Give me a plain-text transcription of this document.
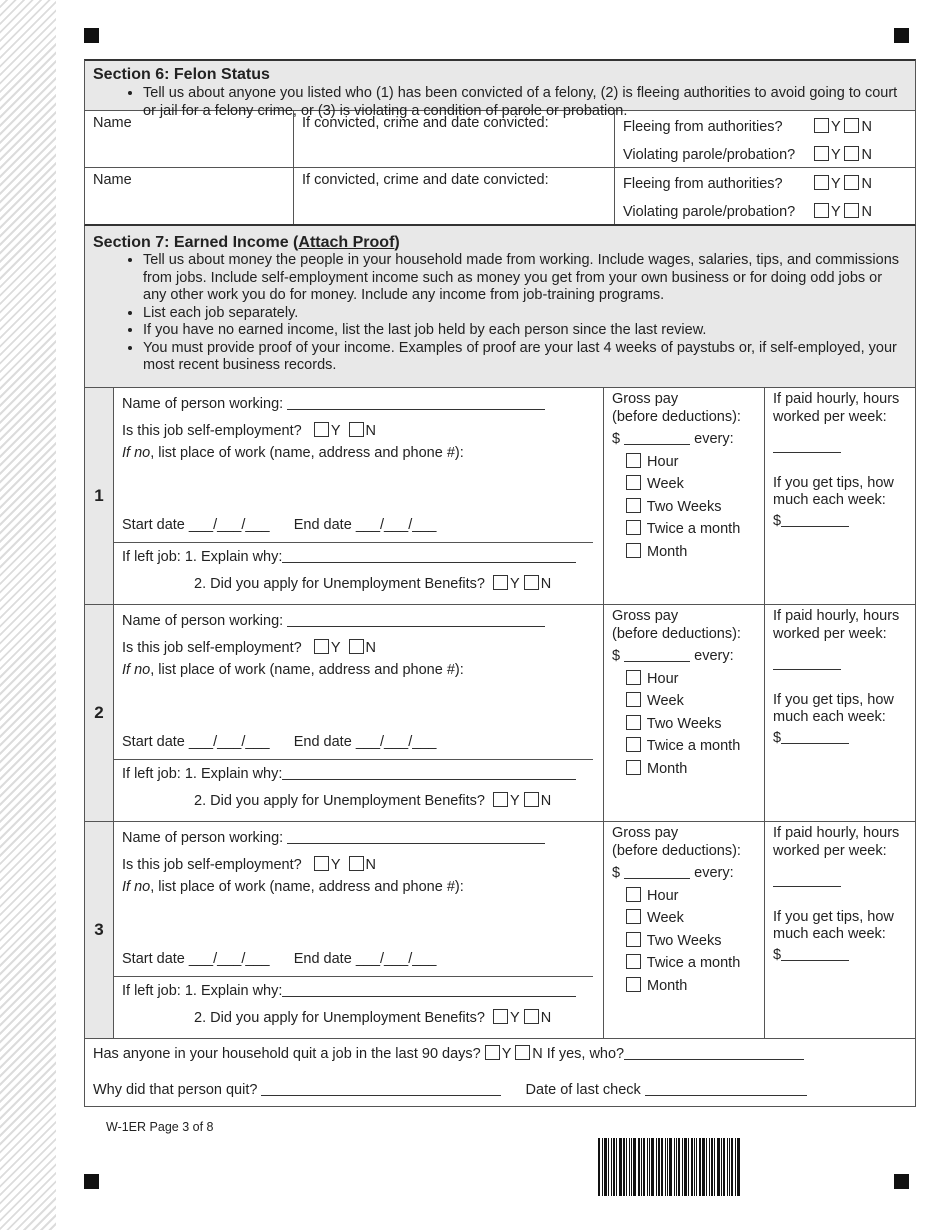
Section 6: Felon Status
• Tell us about anyone you listed who (1) has been convicted of a felony, (2) is fleeing authorities to avoid going to court or jail for a felony crime, or (3) is violating a condition of parole or probation.
Name	If convicted, crime and date convicted:	Fleeing from authorities?	Y N
Violating parole/probation? Y N
Name	If convicted, crime and date convicted:	Fleeing from authorities?	Y N
Violating parole/probation? Y N
Section 7: Earned Income (Attach Proof)
• Tell us about money the people in your household made from working. Include wages, salaries, tips, and commissions from jobs. Include self-employment income such as money you get from your own business or for doing odd jobs or any other work you do for money. Include any income from job-training programs.
• List each job separately.
• If you have no earned income, list the last job held by each person since the last review.
• You must provide proof of your income. Examples of proof are your last 4 weeks of paystubs or, if self-employed, your most recent business records.
1
Name of person working:
Is this job self-employment? Y N
If no, list place of work (name, address and phone #):
Start date ___/___/___ End date ___/___/___
If left job: 1. Explain why:
2. Did you apply for Unemployment Benefits? Y N
Gross pay
(before deductions):
$	every:
Hour
Week
Two Weeks
Twice a month
Month
If paid hourly, hours
worked per week:
If you get tips, how
much each week:
$
2
Name of person working:
Is this job self-employment? Y N
If no, list place of work (name, address and phone #):
Start date ___/___/___ End date ___/___/___
If left job: 1. Explain why:
2. Did you apply for Unemployment Benefits? Y N
Gross pay
(before deductions):
$	every:
Hour
Week
Two Weeks
Twice a month
Month
If paid hourly, hours
worked per week:
If you get tips, how
much each week:
$
3
Name of person working:
Is this job self-employment? Y N
If no, list place of work (name, address and phone #):
Start date ___/___/___ End date ___/___/___
If left job: 1. Explain why:
2. Did you apply for Unemployment Benefits? Y N
Gross pay
(before deductions):
$	every:
Hour
Week
Two Weeks
Twice a month
Month
If paid hourly, hours
worked per week:
If you get tips, how
much each week:
$
Has anyone in your household quit a job in the last 90 days? Y N If yes, who?
Why did that person quit?	Date of last check
W-1ER Page 3 of 8
